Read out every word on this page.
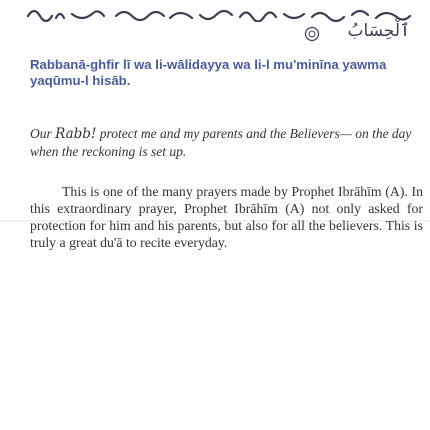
ٱلْحِسَابُ
Rabbanā-ghfir lī wa li-wālidayya wa li-l mu'minīna yawma yaqūmu-l hisāb.
Our Rabb! protect me and my parents and the Believers— on the day when the reckoning is set up.
This is one of the many prayers made by Prophet Ibrāhīm (A). In this extraordinary prayer, Prophet Ibrāhīm (A) not only asked for protection for him and his parents, but also for all the believers. This is truly a great du'ā to recite everyday.
